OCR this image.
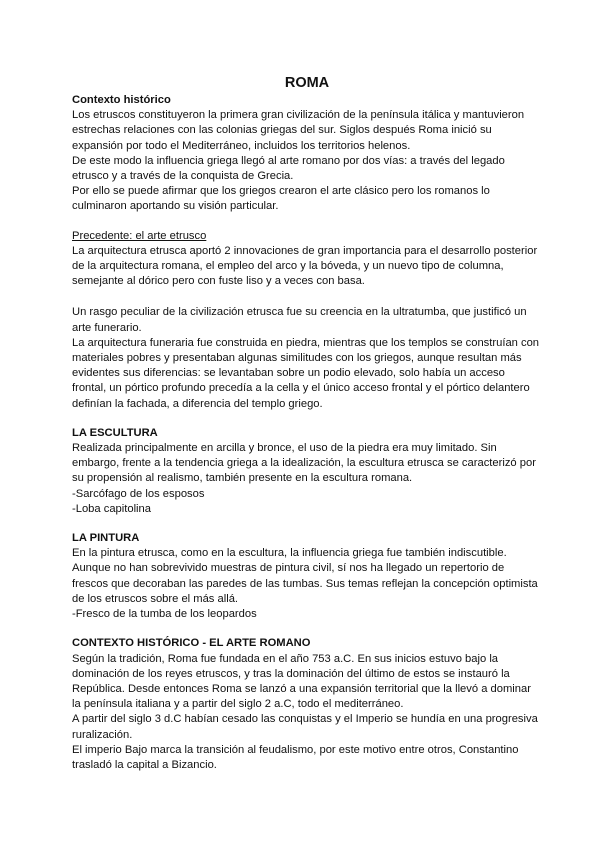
ROMA
Contexto histórico

Los etruscos constituyeron la primera gran civilización de la península itálica y mantuvieron estrechas relaciones con las colonias griegas del sur. Siglos después Roma inició su expansión por todo el Mediterráneo, incluidos los territorios helenos.

De este modo la influencia griega llegó al arte romano por dos vías: a través del legado etrusco y a través de la conquista de Grecia.

Por ello se puede afirmar que los griegos crearon el arte clásico pero los romanos lo culminaron aportando su visión particular.

Precedente: el arte etrusco

La arquitectura etrusca aportó 2 innovaciones de gran importancia para el desarrollo posterior de la arquitectura romana, el empleo del arco y la bóveda, y un nuevo tipo de columna, semejante al dórico pero con fuste liso y a veces con basa.

Un rasgo peculiar de la civilización etrusca fue su creencia en la ultratumba, que justificó un arte funerario.

La arquitectura funeraria fue construida en piedra, mientras que los templos se construían con materiales pobres y presentaban algunas similitudes con los griegos, aunque resultan más evidentes sus diferencias: se levantaban sobre un podio elevado, solo había un acceso frontal, un pórtico profundo precedía a la cella y el único acceso frontal y el pórtico delantero definían la fachada, a diferencia del templo griego.

LA ESCULTURA

Realizada principalmente en arcilla y bronce, el uso de la piedra era muy limitado. Sin embargo, frente a la tendencia griega a la idealización, la escultura etrusca se caracterizó por su propensión al realismo, también presente en la escultura romana.

-Sarcófago de los esposos
-Loba capitolina
LA PINTURA

En la pintura etrusca, como en la escultura, la influencia griega fue también indiscutible. Aunque no han sobrevivido muestras de pintura civil, sí nos ha llegado un repertorio de frescos que decoraban las paredes de las tumbas. Sus temas reflejan la concepción optimista de los etruscos sobre el más allá.

-Fresco de la tumba de los leopardos
CONTEXTO HISTÓRICO - EL ARTE ROMANO

Según la tradición, Roma fue fundada en el año 753 a.C. En sus inicios estuvo bajo la dominación de los reyes etruscos, y tras la dominación del último de estos se instauró la República. Desde entonces Roma se lanzó a una expansión territorial que la llevó a dominar la península italiana y a partir del siglo 2 a.C, todo el mediterráneo.

A partir del siglo 3 d.C habían cesado las conquistas y el Imperio se hundía en una progresiva ruralización.

El imperio Bajo marca la transición al feudalismo, por este motivo entre otros, Constantino trasladó la capital a Bizancio.
